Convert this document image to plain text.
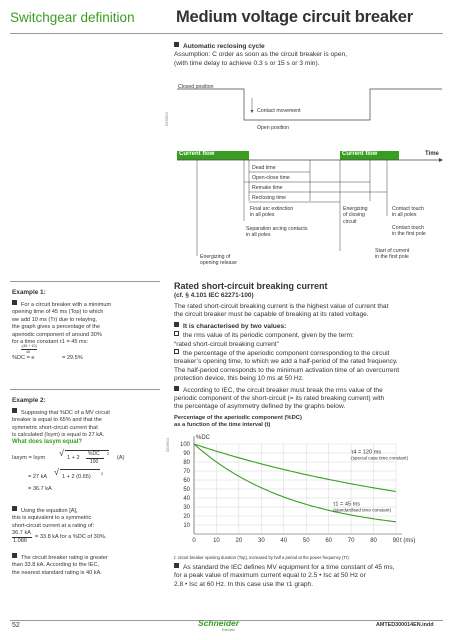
Switchgear definition	Medium voltage circuit breaker
Automatic reclosing cycle
Assumption: C order as soon as the circuit breaker is open,
(with time delay to achieve 0.3 s or 15 s or 3 min).
DE59502
Closed position
Contact movement
Open position
Current flow	Current flow	Time
Dead time
Open-close time
Remake time
Reclosing time
Final arc extinction
in all poles
Separation arcing contacts
in all poles
Energizing of
opening release
Energizing
of closing
circuit
Contact touch
in all poles
Contact touch
in the first pole
Start of current
in the first pole
Example 1:
For a circuit breaker with a minimum
opening time of 45 ms (Top) to which
we add 10 ms (Tr) due to relaying,
the graph gives a percentage of the
aperiodic component of around 30%
for a time constant τ1 = 45 ms:
-(45 + 10)
45
%DC = e	= 29.5%
Example 2:
Supposing that %DC of a MV circuit
breaker is equal to 65% and that the
symmetric short-circuit current that
is calculated (Isym) is equal to 27 kA.
What does Iasym equal?
Iasym = Isym √ 1 + 2
%DC
100
2
(A)
= 27 kA √ 1 + 2 (0.65)
2
= 36.7 kA
Using the equation [A],
this is equivalent to a symmetric
short-circuit current at a rating of:
36.7 kA
1.086
= 33.8 kA for a %DC of 30%.
The circuit breaker rating is greater
than 33.8 kA. According to the IEC,
the nearest standard rating is 40 kA.
Rated short-circuit breaking current
(cf. § 4.101 IEC 62271-100)
The rated short-circuit breaking current is the highest value of current that
the circuit breaker must be capable of breaking at its rated voltage.
It is characterised by two values:
the rms value of its periodic component, given by the term:
“rated short-circuit breaking current”
the percentage of the aperiodic component corresponding to the circuit
breaker’s opening time, to which we add a half-period of the rated frequency.
The half-period corresponds to the minimum activation time of an overcurrent
protection device, this being 10 ms at 50 Hz.
According to IEC, the circuit breaker must break the rms value of the
periodic component of the short-circuit (= its rated breaking current) with
the percentage of asymmetry defined by the graphs below.
Percentage of the aperiodic component (%DC)
as a function of the time interval (t)
DE59503
10
20
30
40
50
60
70
80
90
100
0	10	20	30	40	50	60	70	80	90
%DC
t (ms)
τ4 = 120 ms
(special case time constant)
τ1 = 45 ms
(standardised time constant)
t: circuit breaker opening duration (Top), increased by half a period at the power frequency (Tr).
As standard the IEC defines MV equipment for a time constant of 45 ms,
for a peak value of maximum current equal to 2.5 • Isc at 50 Hz or
2.8 • Isc at 60 Hz. In this case use the τ1 graph.
52	Schneider
Electric
AMTED300014EN.indd
